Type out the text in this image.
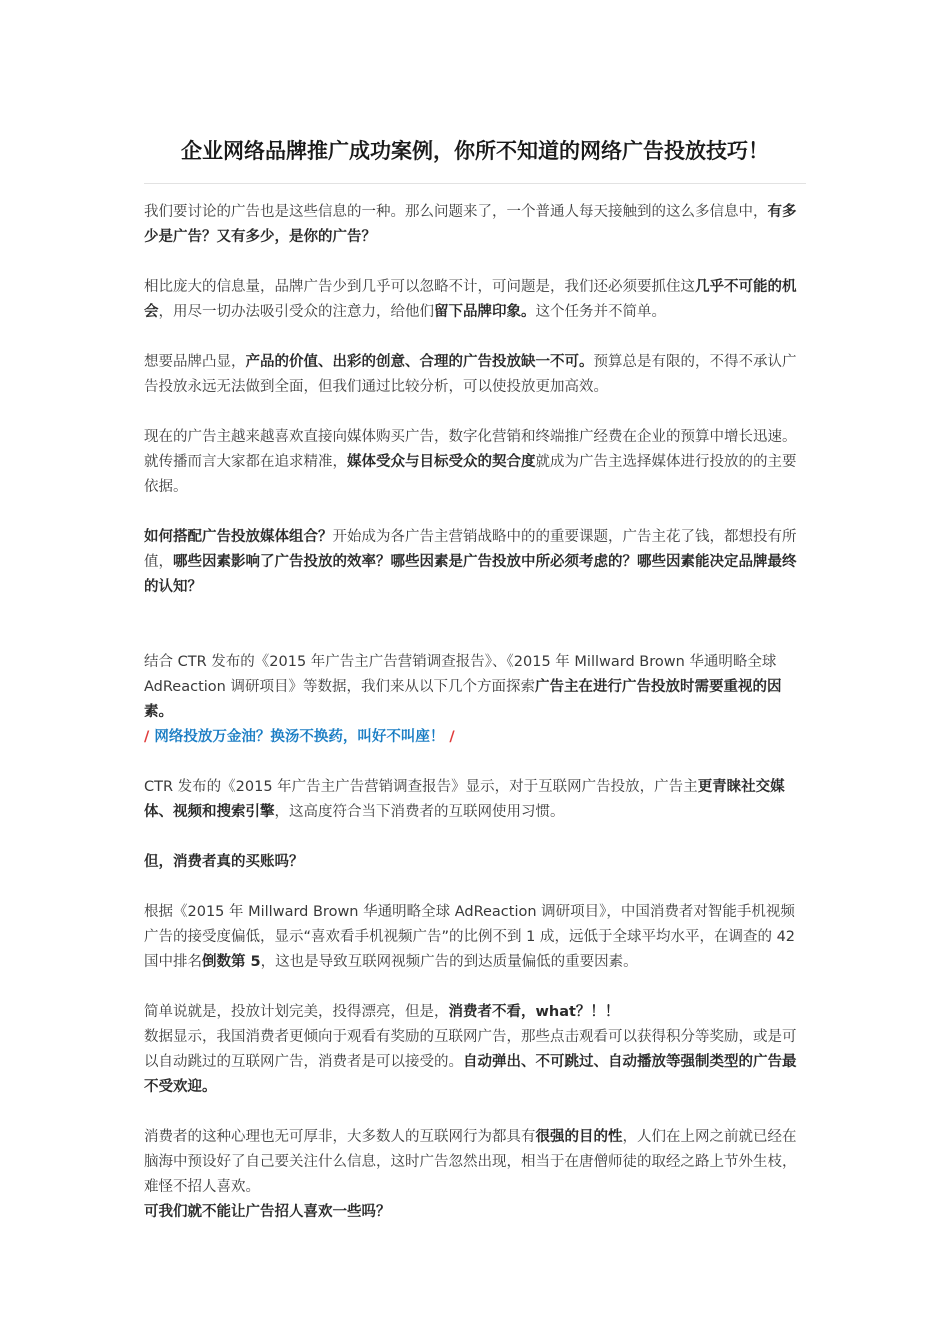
企业网络品牌推广成功案例，你所不知道的网络广告投放技巧！

我们要讨论的广告也是这些信息的一种。那么问题来了，一个普通人每天接触到的这么多信息中，有多少是广告？又有多少，是你的广告？

相比庞大的信息量，品牌广告少到几乎可以忽略不计，可问题是，我们还必须要抓住这几乎不可能的机会，用尽一切办法吸引受众的注意力，给他们留下品牌印象。这个任务并不简单。

想要品牌凸显，产品的价值、出彩的创意、合理的广告投放缺一不可。预算总是有限的，不得不承认广告投放永远无法做到全面，但我们通过比较分析，可以使投放更加高效。

现在的广告主越来越喜欢直接向媒体购买广告，数字化营销和终端推广经费在企业的预算中增长迅速。就传播而言大家都在追求精准，媒体受众与目标受众的契合度就成为广告主选择媒体进行投放的的主要依据。

如何搭配广告投放媒体组合？开始成为各广告主营销战略中的的重要课题，广告主花了钱，都想投有所值，哪些因素影响了广告投放的效率？哪些因素是广告投放中所必须考虑的？哪些因素能决定品牌最终的认知？

结合 CTR 发布的《2015 年广告主广告营销调查报告》、《2015 年 Millward Brown 华通明略全球 AdReaction 调研项目》等数据，我们来从以下几个方面探索广告主在进行广告投放时需要重视的因素。

/ 网络投放万金油？换汤不换药，叫好不叫座！ /

CTR 发布的《2015 年广告主广告营销调查报告》显示，对于互联网广告投放，广告主更青睐社交媒体、视频和搜索引擎，这高度符合当下消费者的互联网使用习惯。

但，消费者真的买账吗？

根据《2015 年 Millward Brown 华通明略全球 AdReaction 调研项目》，中国消费者对智能手机视频广告的接受度偏低，显示“喜欢看手机视频广告”的比例不到 1 成，远低于全球平均水平，在调查的 42 国中排名倒数第 5，这也是导致互联网视频广告的到达质量偏低的重要因素。

简单说就是，投放计划完美，投得漂亮，但是，消费者不看，what？！！

数据显示，我国消费者更倾向于观看有奖励的互联网广告，那些点击观看可以获得积分等奖励，或是可以自动跳过的互联网广告，消费者是可以接受的。自动弹出、不可跳过、自动播放等强制类型的广告最不受欢迎。

消费者的这种心理也无可厚非，大多数人的互联网行为都具有很强的目的性，人们在上网之前就已经在脑海中预设好了自己要关注什么信息，这时广告忽然出现，相当于在唐僧师徒的取经之路上节外生枝，难怪不招人喜欢。

可我们就不能让广告招人喜欢一些吗？
